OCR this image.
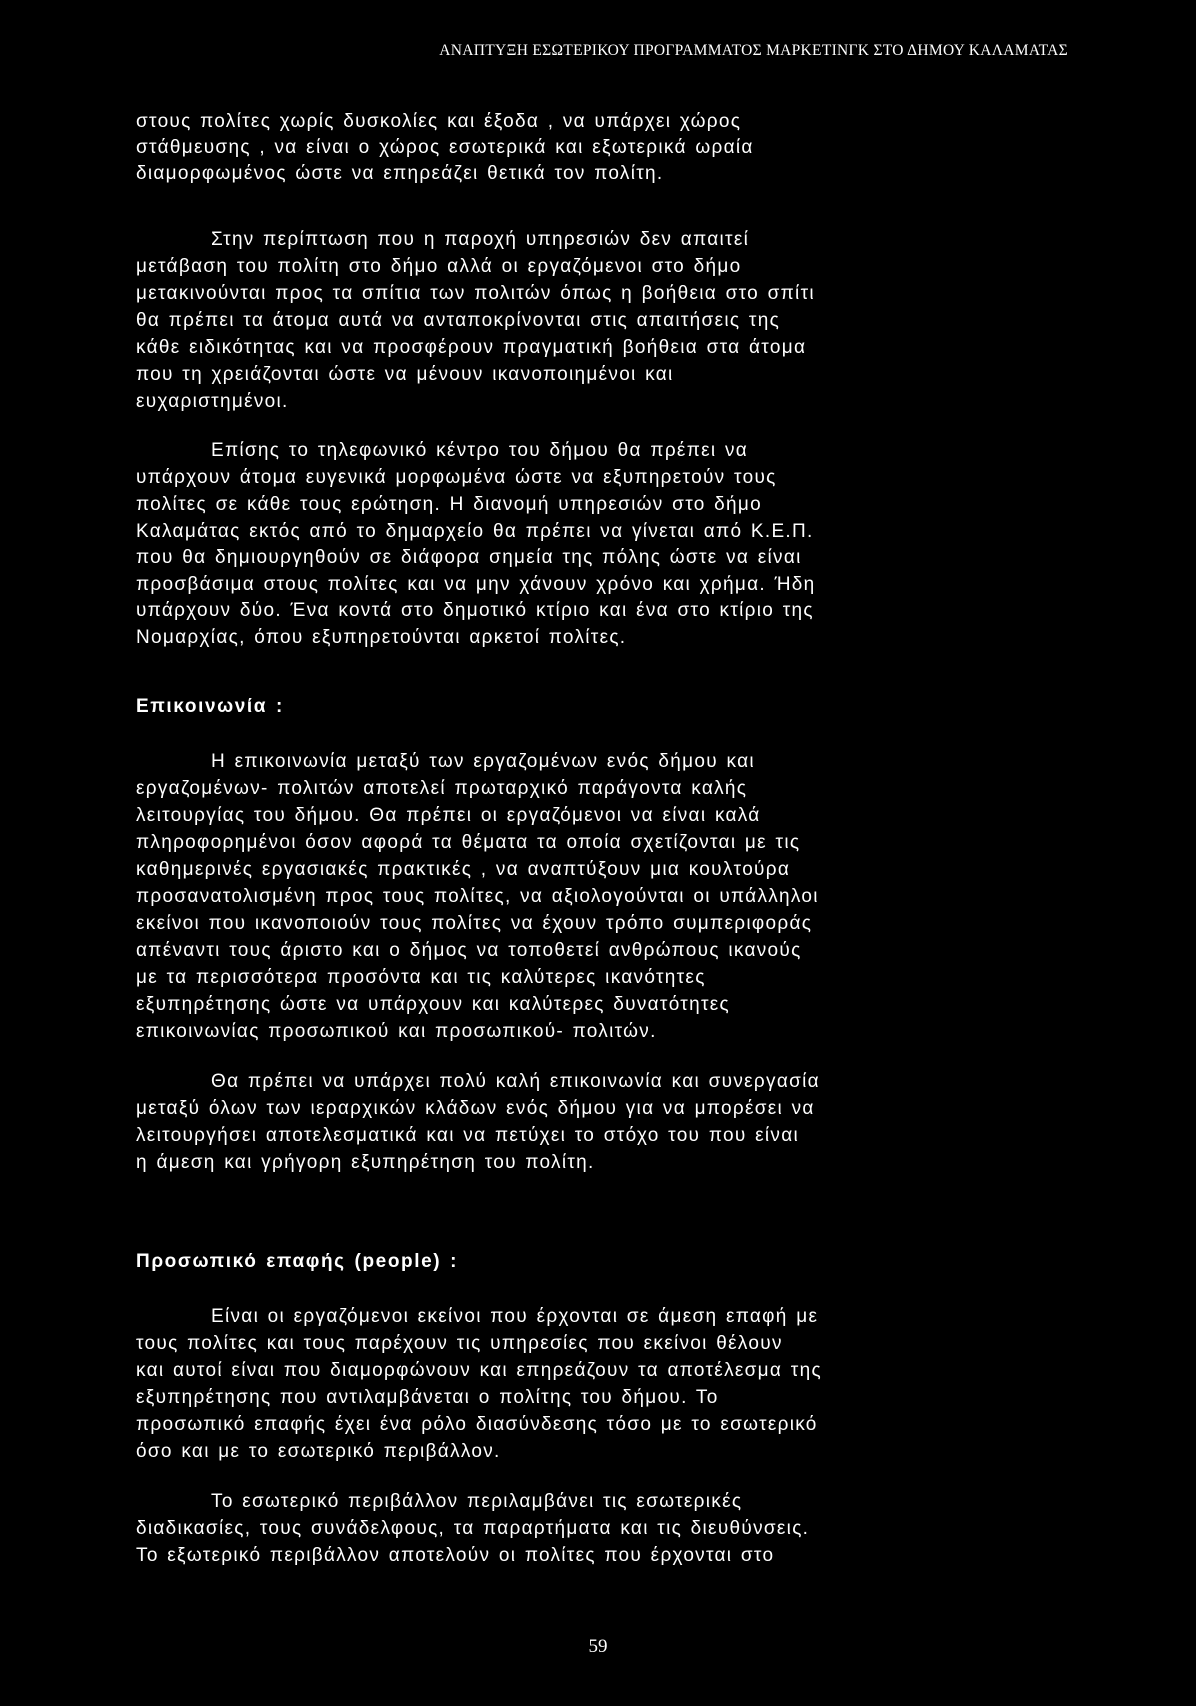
ΑΝΑΠΤΥΞΗ ΕΣΩΤΕΡΙΚΟΥ ΠΡΟΓΡΑΜΜΑΤΟΣ ΜΑΡΚΕΤΙΝΓΚ ΣΤΟ ΔΗΜΟΥ ΚΑΛΑΜΑΤΑΣ
στους πολίτες χωρίς δυσκολίες και έξοδα , να υπάρχει χώρος
στάθμευσης , να είναι ο χώρος εσωτερικά και εξωτερικά ωραία
διαμορφωμένος ώστε να επηρεάζει θετικά τον πολίτη.
Στην περίπτωση που η παροχή υπηρεσιών δεν απαιτεί
μετάβαση του πολίτη στο δήμο αλλά οι εργαζόμενοι στο δήμο
μετακινούνται προς τα σπίτια των πολιτών όπως η βοήθεια στο σπίτι
θα πρέπει τα άτομα αυτά να ανταποκρίνονται στις απαιτήσεις της
κάθε ειδικότητας και να προσφέρουν πραγματική βοήθεια στα άτομα
που τη χρειάζονται ώστε να μένουν ικανοποιημένοι και
ευχαριστημένοι.
Επίσης το τηλεφωνικό κέντρο του δήμου θα πρέπει να
υπάρχουν άτομα ευγενικά μορφωμένα ώστε να εξυπηρετούν τους
πολίτες σε κάθε τους ερώτηση. Η διανομή υπηρεσιών στο δήμο
Καλαμάτας εκτός από το δημαρχείο θα πρέπει να γίνεται από Κ.Ε.Π.
που θα δημιουργηθούν σε διάφορα σημεία της πόλης ώστε να είναι
προσβάσιμα στους πολίτες και να μην χάνουν χρόνο και χρήμα. Ήδη
υπάρχουν δύο. Ένα κοντά στο δημοτικό κτίριο και ένα στο κτίριο της
Νομαρχίας, όπου εξυπηρετούνται αρκετοί πολίτες.
Επικοινωνία :
Η επικοινωνία μεταξύ των εργαζομένων ενός δήμου και
εργαζομένων- πολιτών αποτελεί πρωταρχικό παράγοντα καλής
λειτουργίας του δήμου. Θα πρέπει οι εργαζόμενοι να είναι καλά
πληροφορημένοι όσον αφορά τα θέματα τα οποία σχετίζονται με τις
καθημερινές εργασιακές πρακτικές , να αναπτύξουν μια κουλτούρα
προσανατολισμένη προς τους πολίτες, να αξιολογούνται οι υπάλληλοι
εκείνοι που ικανοποιούν τους πολίτες να έχουν τρόπο συμπεριφοράς
απέναντι τους άριστο και ο δήμος να τοποθετεί ανθρώπους ικανούς
με τα περισσότερα προσόντα και τις καλύτερες ικανότητες
εξυπηρέτησης ώστε να υπάρχουν και καλύτερες δυνατότητες
επικοινωνίας προσωπικού και προσωπικού- πολιτών.
Θα πρέπει να υπάρχει πολύ καλή επικοινωνία και συνεργασία
μεταξύ όλων των ιεραρχικών κλάδων ενός δήμου για να μπορέσει να
λειτουργήσει αποτελεσματικά και να πετύχει το στόχο του που είναι
η άμεση και γρήγορη εξυπηρέτηση του πολίτη.
Προσωπικό επαφής (people) :
Είναι οι εργαζόμενοι εκείνοι που έρχονται σε άμεση επαφή με
τους πολίτες και τους παρέχουν τις υπηρεσίες που εκείνοι θέλουν
και αυτοί είναι που διαμορφώνουν και επηρεάζουν τα αποτέλεσμα της
εξυπηρέτησης που αντιλαμβάνεται ο πολίτης του δήμου. Το
προσωπικό επαφής έχει ένα ρόλο διασύνδεσης τόσο με το εσωτερικό
όσο και με το εσωτερικό περιβάλλον.
Το εσωτερικό περιβάλλον περιλαμβάνει τις εσωτερικές
διαδικασίες, τους συνάδελφους, τα παραρτήματα και τις διευθύνσεις.
Το εξωτερικό περιβάλλον αποτελούν οι πολίτες που έρχονται στο
59
